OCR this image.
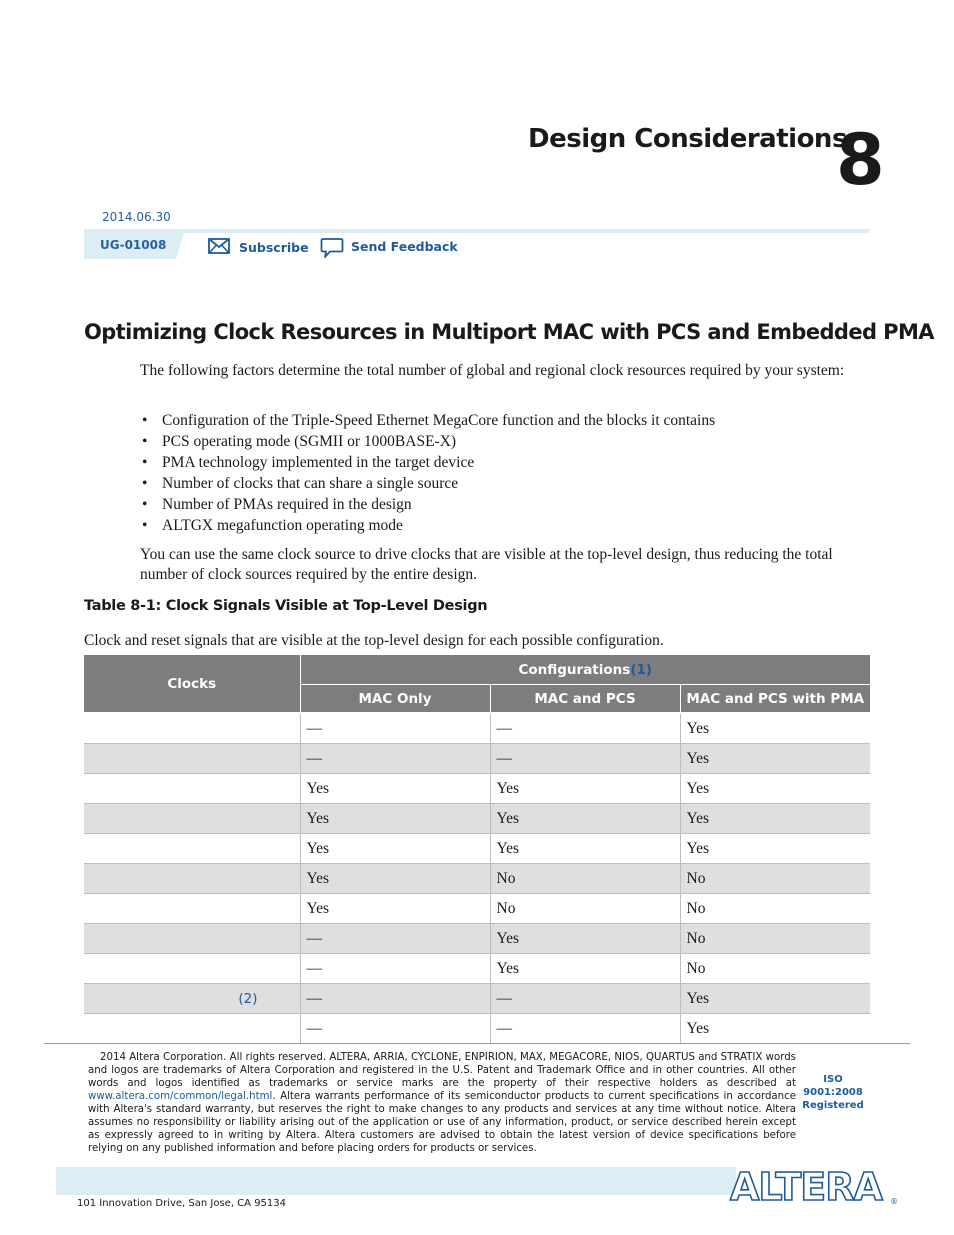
Design Considerations
8
2014.06.30
UG-01008	Subscribe	Send Feedback
Optimizing Clock Resources in Multiport MAC with PCS and Embedded PMA
The following factors determine the total number of global and regional clock resources required by your system:
• Configuration of the Triple-Speed Ethernet MegaCore function and the blocks it contains
• PCS operating mode (SGMII or 1000BASE-X)
• PMA technology implemented in the target device
• Number of clocks that can share a single source
• Number of PMAs required in the design
• ALTGX megafunction operating mode
You can use the same clock source to drive clocks that are visible at the top-level design, thus reducing the total number of clock sources required by the entire design.
Table 8-1: Clock Signals Visible at Top-Level Design
Clock and reset signals that are visible at the top-level design for each possible configuration.
Clocks	Configurations(1)		
	MAC Only	MAC and PCS	MAC and PCS with PMA
	—	—	Yes
	—	—	Yes
	Yes	Yes	Yes
	Yes	Yes	Yes
	Yes	Yes	Yes
	Yes	No	No
	Yes	No	No
	—	Yes	No
	—	Yes	No
(2)	—	—	Yes
	—	—	Yes
2014 Altera Corporation. All rights reserved. ALTERA, ARRIA, CYCLONE, ENPIRION, MAX, MEGACORE, NIOS, QUARTUS and STRATIX words and logos are trademarks of Altera Corporation and registered in the U.S. Patent and Trademark Office and in other countries. All other words and logos identified as trademarks or service marks are the property of their respective holders as described at www.altera.com/common/legal.html. Altera warrants performance of its semiconductor products to current specifications in accordance with Altera's standard warranty, but reserves the right to make changes to any products and services at any time without notice. Altera assumes no responsibility or liability arising out of the application or use of any information, product, or service described herein except as expressly agreed to in writing by Altera. Altera customers are advised to obtain the latest version of device specifications before relying on any published information and before placing orders for products or services.
ISO
9001:2008
Registered
101 Innovation Drive, San Jose, CA 95134	ALTERA ®
